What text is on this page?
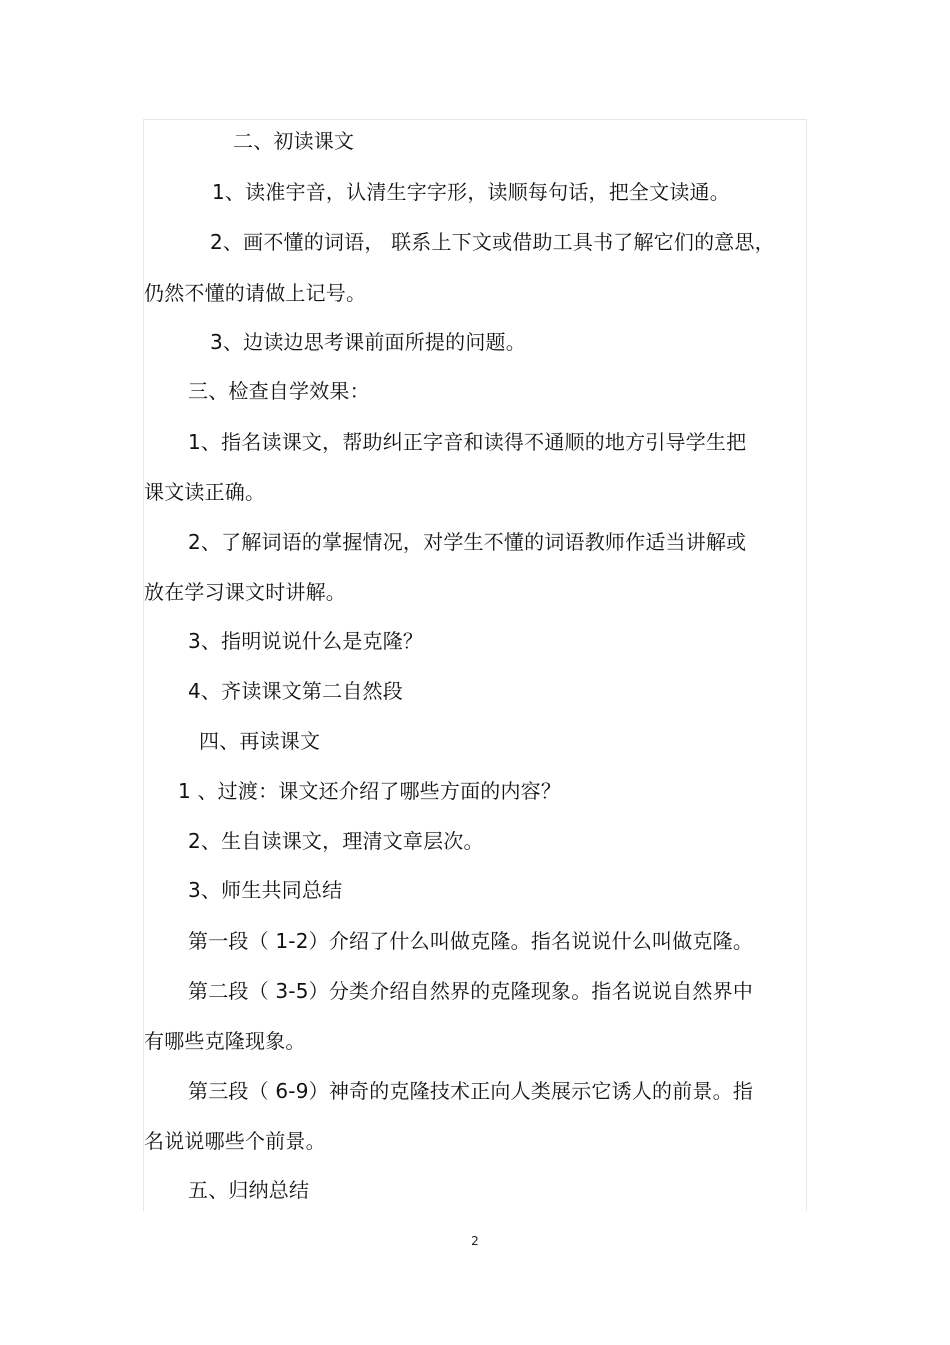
二、初读课文
1、读准宇音，认清生字字形，读顺每句话，把全文读通。
2、画不懂的词语， 联系上下文或借助工具书了解它们的意思，
仍然不懂的请做上记号。
3、边读边思考课前面所提的问题。
三、检查自学效果：
1、指名读课文，帮助纠正字音和读得不通顺的地方引导学生把
课文读正确。
2、了解词语的掌握情况，对学生不懂的词语教师作适当讲解或
放在学习课文时讲解。
3、指明说说什么是克隆？
4、齐读课文第二自然段
四、再读课文
1 、过渡：课文还介绍了哪些方面的内容？
2、生自读课文，理清文章层次。
3、师生共同总结
第一段（ 1-2）介绍了什么叫做克隆。指名说说什么叫做克隆。
第二段（ 3-5）分类介绍自然界的克隆现象。指名说说自然界中
有哪些克隆现象。
第三段（ 6-9）神奇的克隆技术正向人类展示它诱人的前景。指
名说说哪些个前景。
五、归纳总结
2
